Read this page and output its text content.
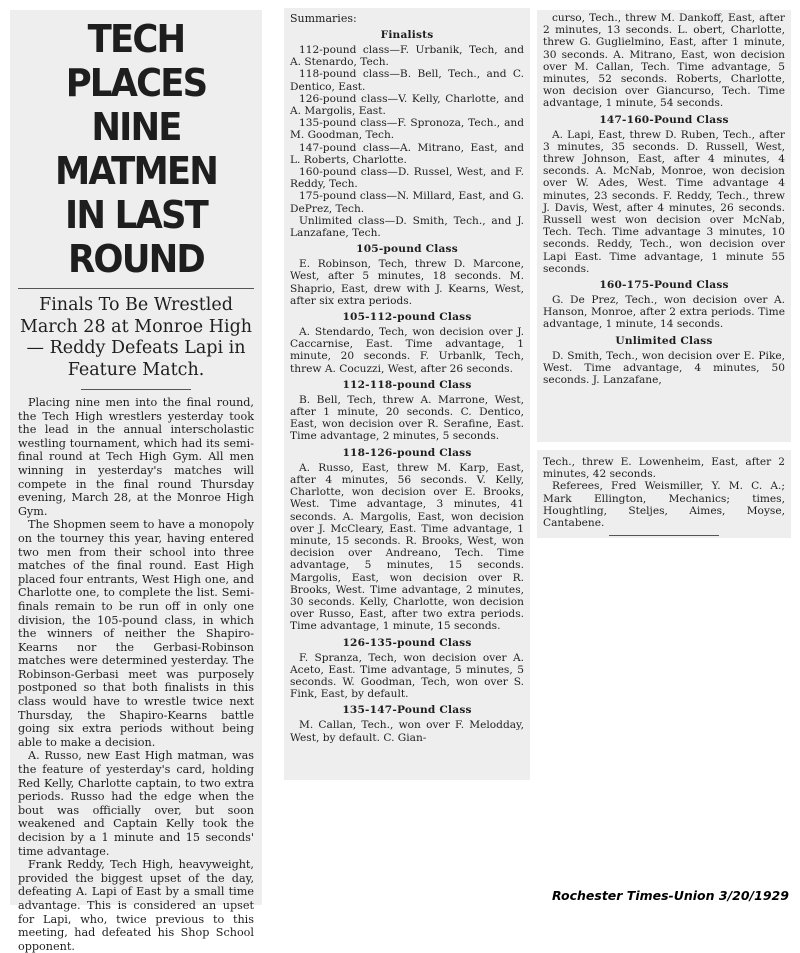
TECH PLACES
NINE MATMEN
IN LAST ROUND
Finals To Be Wrestled March 28 at Monroe High — Reddy Defeats Lapi in Feature Match.

Placing nine men into the final round, the Tech High wrestlers yesterday took the lead in the annual interscholastic westling tournament, which had its semi-final round at Tech High Gym. All men winning in yesterday's matches will compete in the final round Thursday evening, March 28, at the Monroe High Gym.

The Shopmen seem to have a monopoly on the tourney this year, having entered two men from their school into three matches of the final round. East High placed four entrants, West High one, and Charlotte one, to complete the list. Semi-finals remain to be run off in only one division, the 105-pound class, in which the winners of neither the Shapiro-Kearns nor the Gerbasi-Robinson matches were determined yesterday. The Robinson-Gerbasi meet was purposely postponed so that both finalists in this class would have to wrestle twice next Thursday, the Shapiro-Kearns battle going six extra periods without being able to make a decision.

A. Russo, new East High matman, was the feature of yesterday's card, holding Red Kelly, Charlotte captain, to two extra periods. Russo had the edge when the bout was officially over, but soon weakened and Captain Kelly took the decision by a 1 minute and 15 seconds' time advantage.

Frank Reddy, Tech High, heavyweight, provided the biggest upset of the day, defeating A. Lapi of East by a small time advantage. This is considered an upset for Lapi, who, twice previous to this meeting, had defeated his Shop School opponent.

Summaries:
Finalists

112-pound class—F. Urbanik, Tech, and A. Stenardo, Tech.

118-pound class—B. Bell, Tech., and C. Dentico, East.

126-pound class—V. Kelly, Charlotte, and A. Margolis, East.

135-pound class—F. Spronoza, Tech., and M. Goodman, Tech.

147-pound class—A. Mitrano, East, and L. Roberts, Charlotte.

160-pound class—D. Russel, West, and F. Reddy, Tech.

175-pound class—N. Millard, East, and G. DePrez, Tech.

Unlimited class—D. Smith, Tech., and J. Lanzafane, Tech.

105-pound Class

E. Robinson, Tech, threw D. Marcone, West, after 5 minutes, 18 seconds. M. Shaprio, East, drew with J. Kearns, West, after six extra periods.

105-112-pound Class

A. Stendardo, Tech, won decision over J. Caccarnise, East. Time advantage, 1 minute, 20 seconds. F. Urbanlk, Tech, threw A. Cocuzzi, West, after 26 seconds.

112-118-pound Class

B. Bell, Tech, threw A. Marrone, West, after 1 minute, 20 seconds. C. Dentico, East, won decision over R. Serafine, East. Time advantage, 2 minutes, 5 seconds.

118-126-pound Class

A. Russo, East, threw M. Karp, East, after 4 minutes, 56 seconds. V. Kelly, Charlotte, won decision over E. Brooks, West. Time advantage, 3 minutes, 41 seconds. A. Margolis, East, won decision over J. McCleary, East. Time advantage, 1 minute, 15 seconds. R. Brooks, West, won decision over Andreano, Tech. Time advantage, 5 minutes, 15 seconds. Margolis, East, won decision over R. Brooks, West. Time advantage, 2 minutes, 30 seconds. Kelly, Charlotte, won decision over Russo, East, after two extra periods. Time advantage, 1 minute, 15 seconds.

126-135-pound Class

F. Spranza, Tech, won decision over A. Aceto, East. Time advantage, 5 minutes, 5 seconds. W. Goodman, Tech, won over S. Fink, East, by default.

135-147-Pound Class

M. Callan, Tech., won over F. Melodday, West, by default. C. Gian-

curso, Tech., threw M. Dankoff, East, after 2 minutes, 13 seconds. L. obert, Charlotte, threw G. Guglielmino, East, after 1 minute, 30 seconds. A. Mitrano, East, won decision over M. Callan, Tech. Time advantage, 5 minutes, 52 seconds. Roberts, Charlotte, won decision over Giancurso, Tech. Time advantage, 1 minute, 54 seconds.

147-160-Pound Class

A. Lapi, East, threw D. Ruben, Tech., after 3 minutes, 35 seconds. D. Russell, West, threw Johnson, East, after 4 minutes, 4 seconds. A. McNab, Monroe, won decision over W. Ades, West. Time advantage 4 minutes, 23 seconds. F. Reddy, Tech., threw J. Davis, West, after 4 minutes, 26 seconds. Russell west won decision over McNab, Tech. Tech. Time advantage 3 minutes, 10 seconds. Reddy, Tech., won decision over Lapi East. Time advantage, 1 minute 55 seconds.

160-175-Pound Class

G. De Prez, Tech., won decision over A. Hanson, Monroe, after 2 extra periods. Time advantage, 1 minute, 14 seconds.

Unlimited Class

D. Smith, Tech., won decision over E. Pike, West. Time advantage, 4 minutes, 50 seconds. J. Lanzafane,

Tech., threw E. Lowenheim, East, after 2 minutes, 42 seconds.

Referees, Fred Weismiller, Y. M. C. A.; Mark Ellington, Mechanics; times, Houghtling, Steljes, Aimes, Moyse, Cantabene.

Rochester Times-Union 3/20/1929
